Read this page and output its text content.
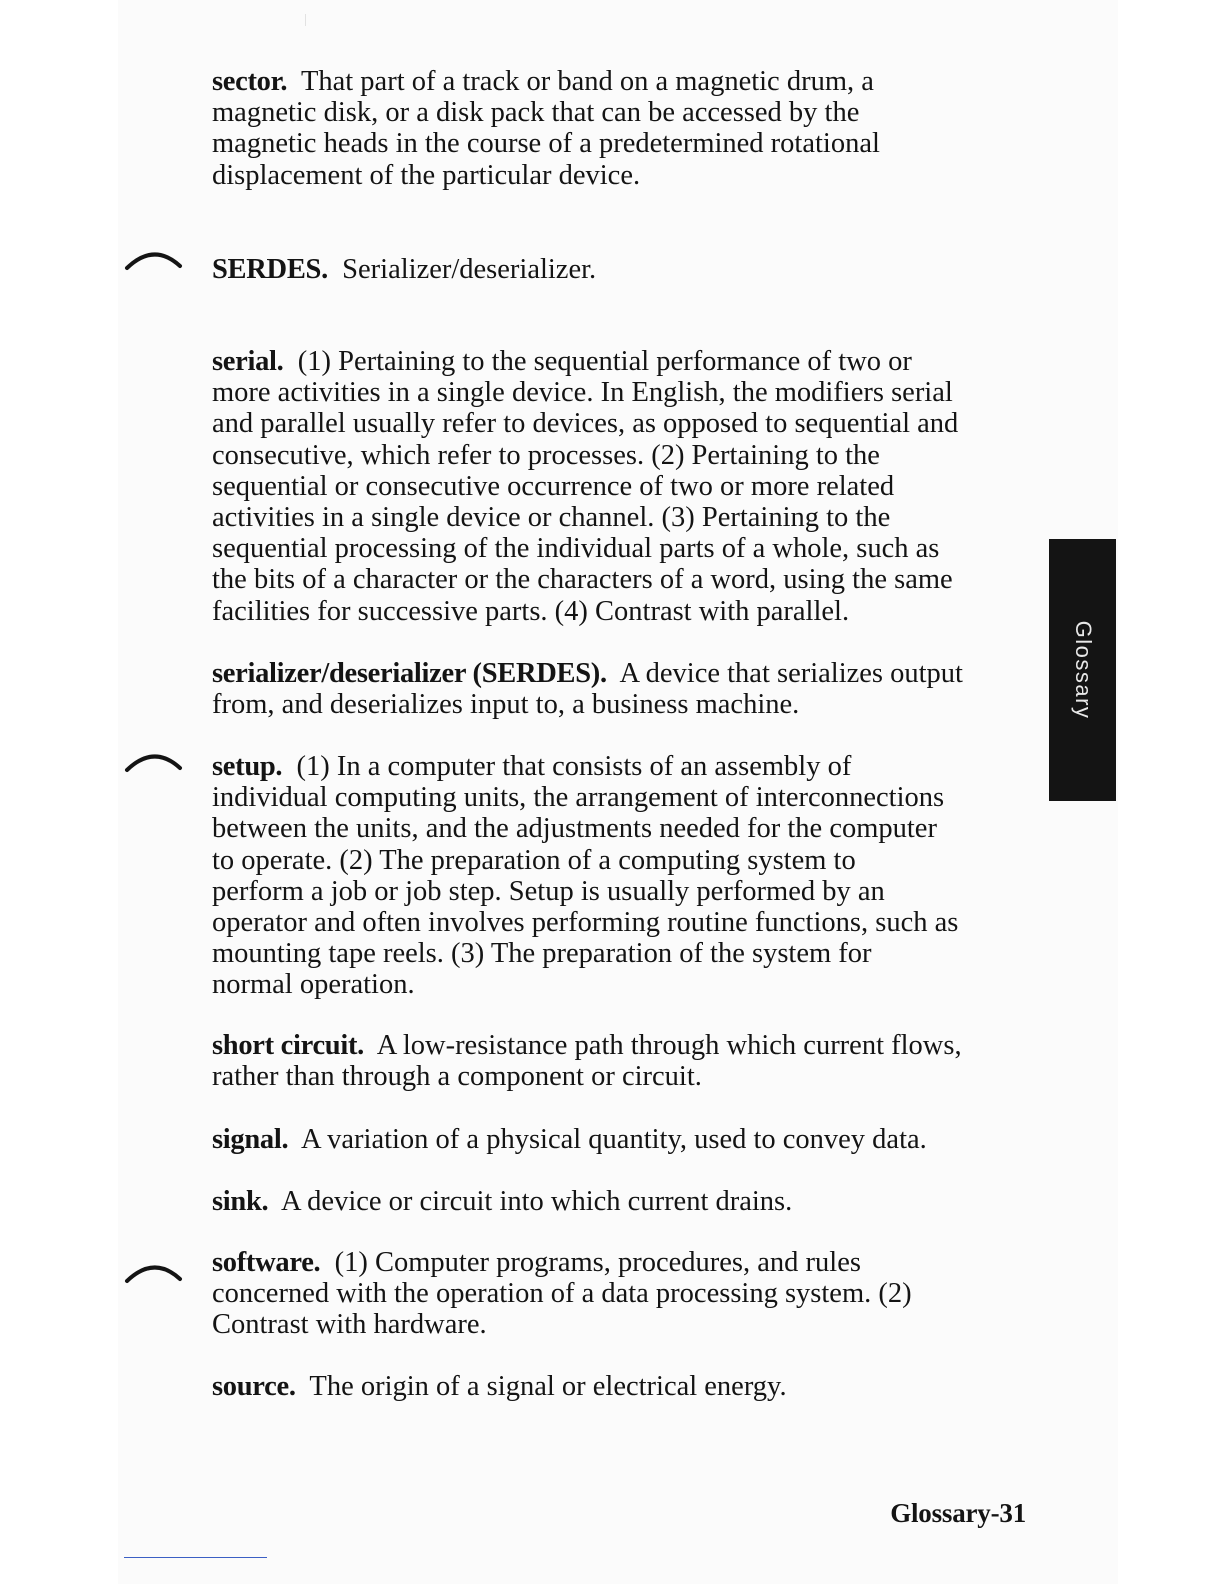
sector. That part of a track or band on a magnetic drum, a
magnetic disk, or a disk pack that can be accessed by the
magnetic heads in the course of a predetermined rotational
displacement of the particular device.
SERDES. Serializer/deserializer.
serial. (1) Pertaining to the sequential performance of two or
more activities in a single device. In English, the modifiers serial
and parallel usually refer to devices, as opposed to sequential and
consecutive, which refer to processes. (2) Pertaining to the
sequential or consecutive occurrence of two or more related
activities in a single device or channel. (3) Pertaining to the
sequential processing of the individual parts of a whole, such as
the bits of a character or the characters of a word, using the same
facilities for successive parts. (4) Contrast with parallel.
serializer/deserializer (SERDES). A device that serializes output
from, and deserializes input to, a business machine.
setup. (1) In a computer that consists of an assembly of
individual computing units, the arrangement of interconnections
between the units, and the adjustments needed for the computer
to operate. (2) The preparation of a computing system to
perform a job or job step. Setup is usually performed by an
operator and often involves performing routine functions, such as
mounting tape reels. (3) The preparation of the system for
normal operation.
short circuit. A low-resistance path through which current flows,
rather than through a component or circuit.
signal. A variation of a physical quantity, used to convey data.
sink. A device or circuit into which current drains.
software. (1) Computer programs, procedures, and rules
concerned with the operation of a data processing system. (2)
Contrast with hardware.
source. The origin of a signal or electrical energy.
Glossary
Glossary-31
